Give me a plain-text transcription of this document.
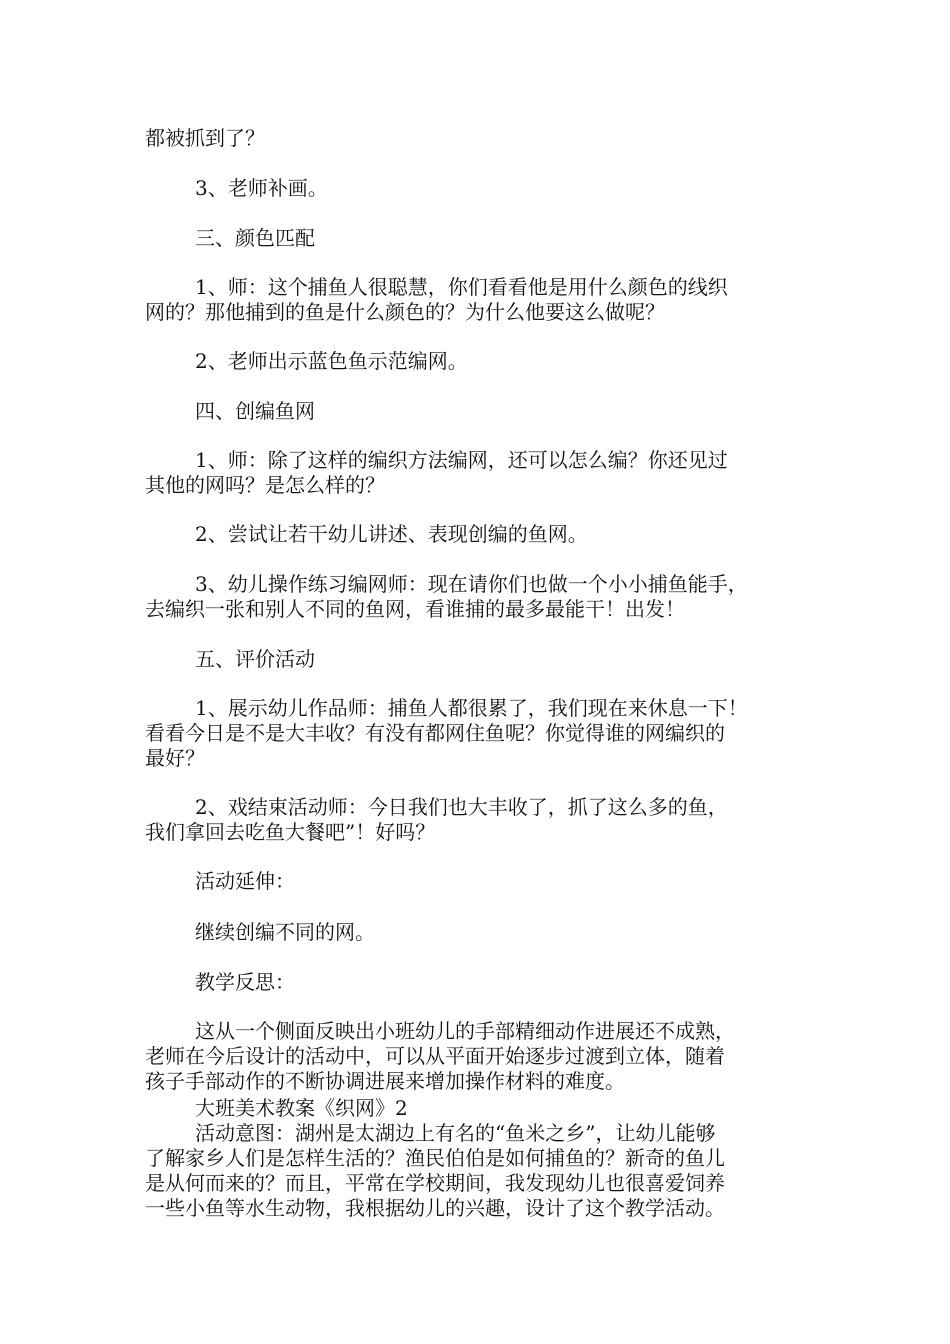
都被抓到了？

3、老师补画。

三、颜色匹配

1、师：这个捕鱼人很聪慧，你们看看他是用什么颜色的线织
网的？那他捕到的鱼是什么颜色的？为什么他要这么做呢？

2、老师出示蓝色鱼示范编网。

四、创编鱼网

1、师：除了这样的编织方法编网，还可以怎么编？你还见过
其他的网吗？是怎么样的？

2、尝试让若干幼儿讲述、表现创编的鱼网。

3、幼儿操作练习编网师：现在请你们也做一个小小捕鱼能手，
去编织一张和别人不同的鱼网，看谁捕的最多最能干！出发！

五、评价活动

1、展示幼儿作品师：捕鱼人都很累了，我们现在来休息一下！
看看今日是不是大丰收？有没有都网住鱼呢？你觉得谁的网编织的
最好？

2、戏结束活动师：今日我们也大丰收了，抓了这么多的鱼，
我们拿回去吃鱼大餐吧”！好吗？

活动延伸：

继续创编不同的网。

教学反思：

这从一个侧面反映出小班幼儿的手部精细动作进展还不成熟，
老师在今后设计的活动中，可以从平面开始逐步过渡到立体，随着
孩子手部动作的不断协调进展来增加操作材料的难度。

大班美术教案《织网》2

活动意图：湖州是太湖边上有名的“鱼米之乡”，让幼儿能够
了解家乡人们是怎样生活的？渔民伯伯是如何捕鱼的？新奇的鱼儿
是从何而来的？而且，平常在学校期间，我发现幼儿也很喜爱饲养
一些小鱼等水生动物，我根据幼儿的兴趣，设计了这个教学活动。
